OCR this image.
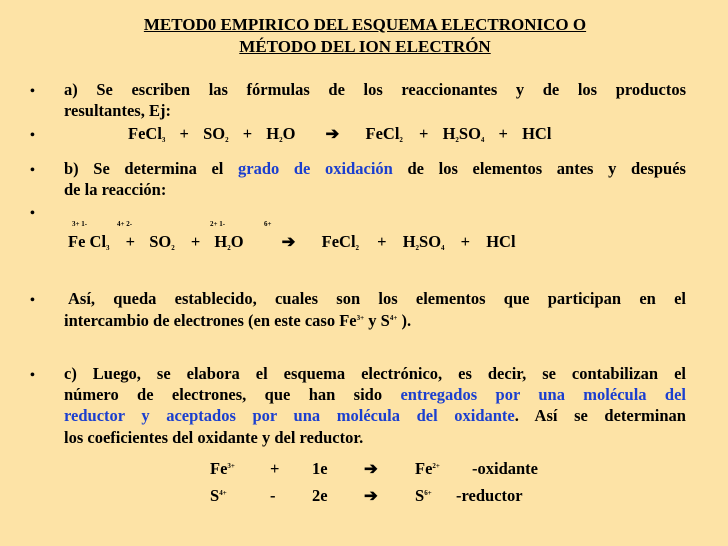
METOD0 EMPIRICO DEL ESQUEMA ELECTRONICO O
MÉTODO DEL ION ELECTRÓN
• a) Se escriben las fórmulas de los reaccionantes y de los productos
resultantes, Ej:
•	FeCl$_3$ + $SO_2 + H_2O$ ➔ FeCl$_2$ + $H_2SO_4$ + HCl
• b) Se determina el grado de oxidación de los elementos antes y después
de la reacción:
•
3+ 1-	4+ 2-	2+ 1-	6+
Fe $Cl_3 + SO_2 + H_2O$ ➔ FeCl$_2$ + $H_2SO_4$ + HCl
• Así, queda establecido, cuales son los elementos que participan en el
intercambio de electrones (en este caso $Fe^{3+}$ y $S^{4+}$ ).
• c) Luego, se elabora el esquema electrónico, es decir, se contabilizan el
número de electrones, que han sido entregados por una molécula del
reductor y aceptados por una molécula del oxidante. Así se determinan
los coeficientes del oxidante y del reductor.
$Fe^{3+} + 1e$ ➔ $Fe^{2+}$ -oxidante
$S^{4+}$	- 2e ➔ $S^{6+}$ -reductor
